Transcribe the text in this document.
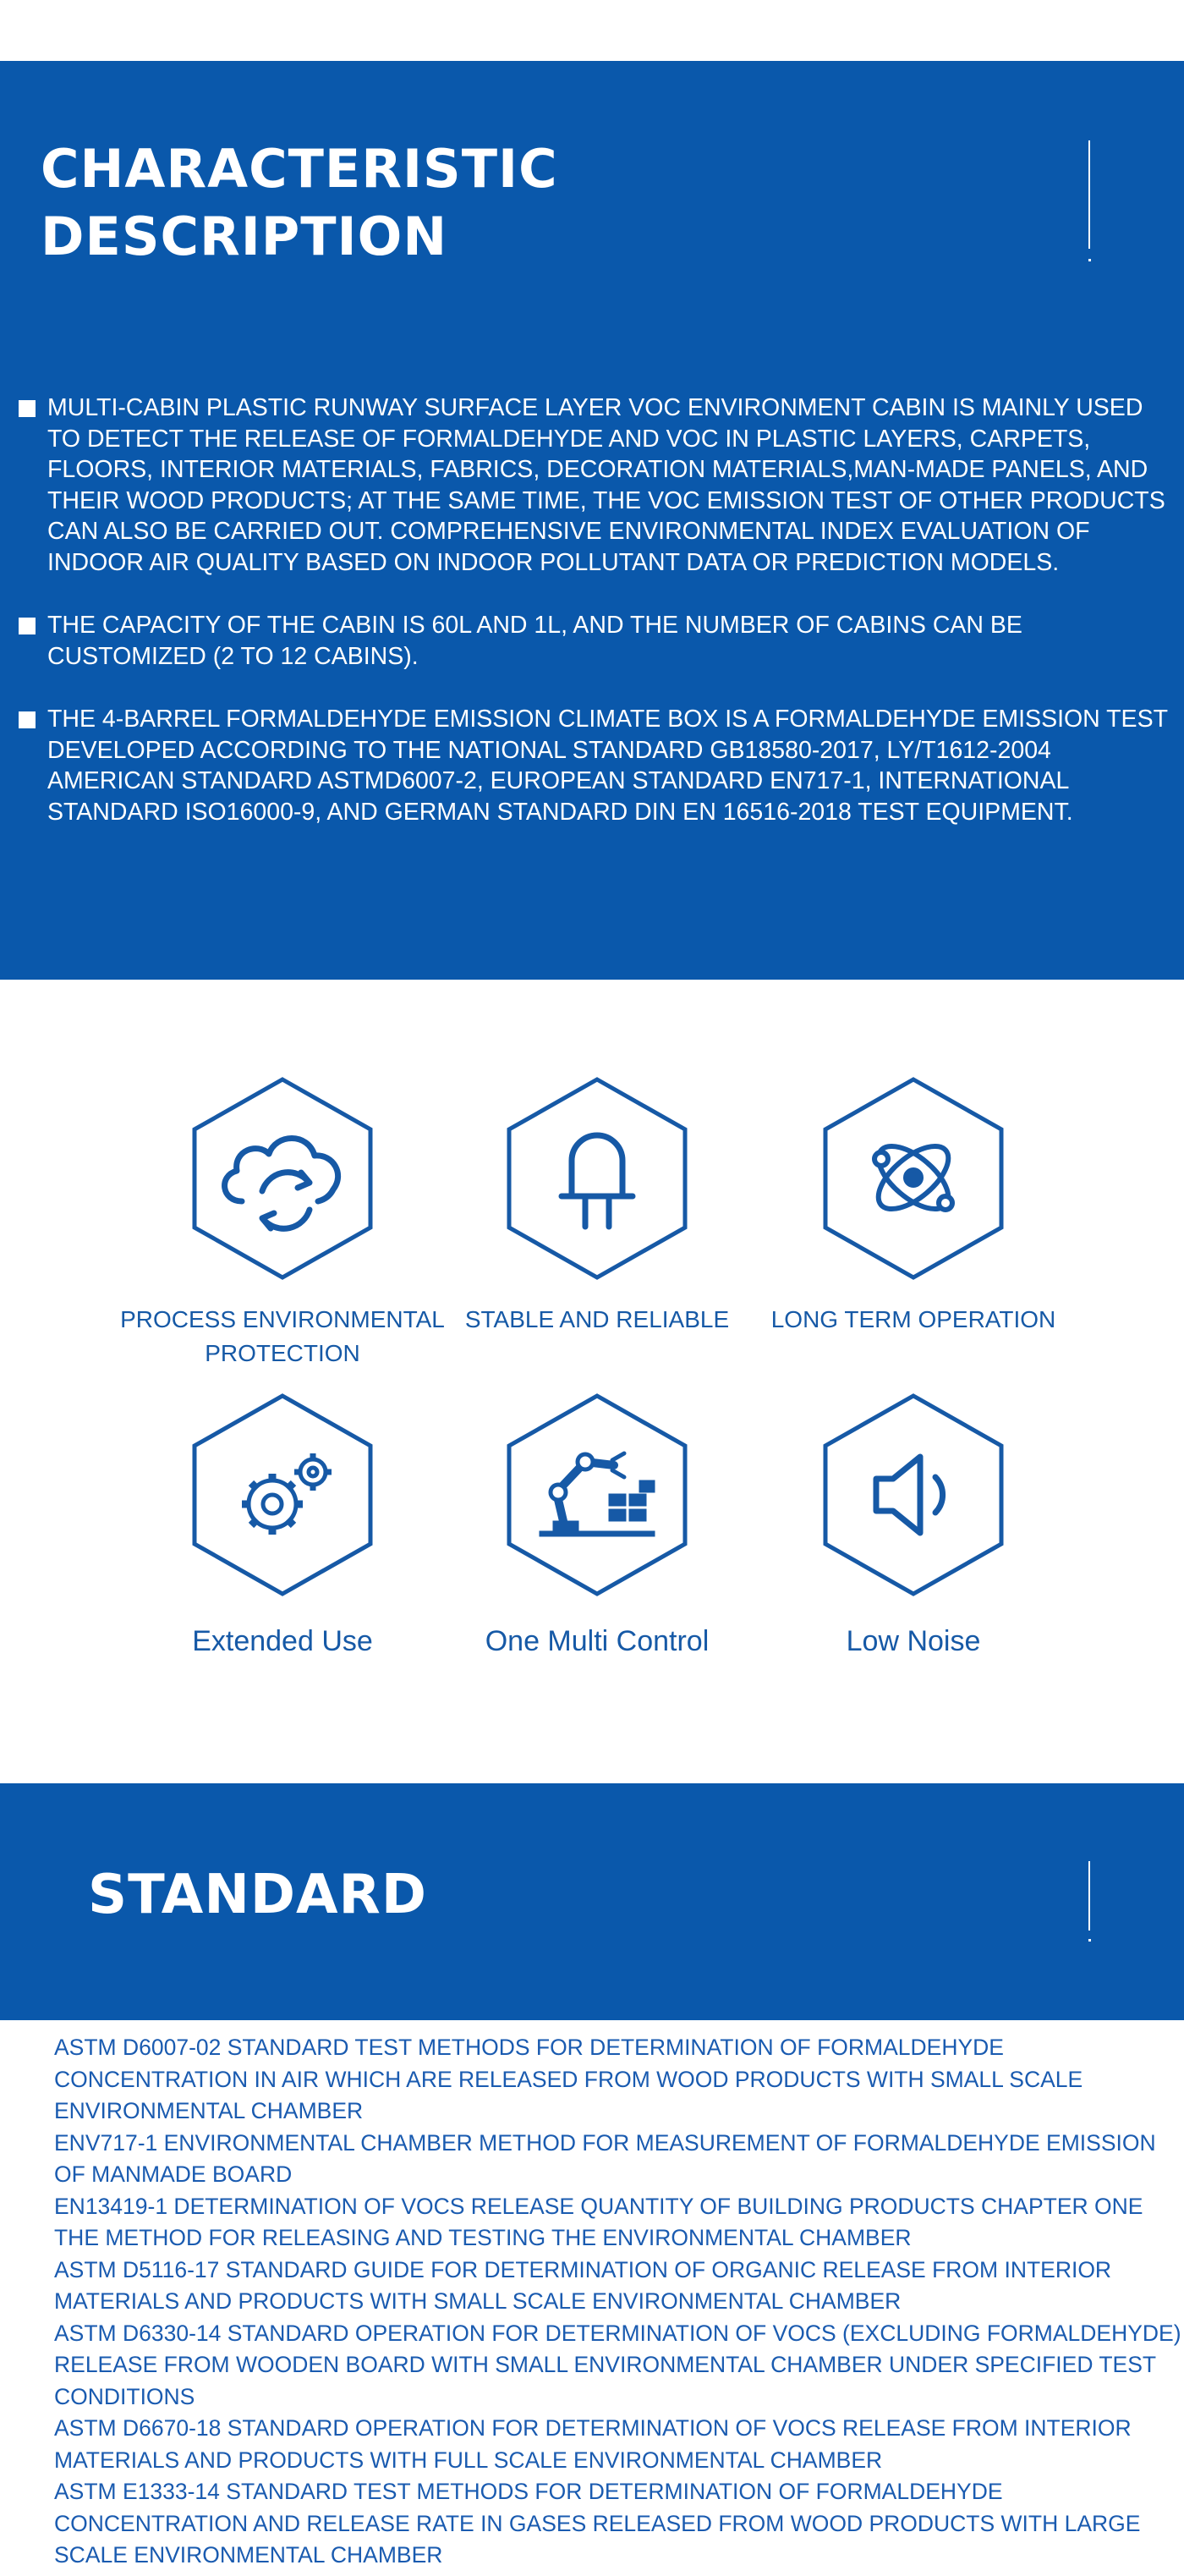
CHARACTERISTIC DESCRIPTION
MULTI-CABIN PLASTIC RUNWAY SURFACE LAYER VOC ENVIRONMENT CABIN IS MAINLY USED TO DETECT THE RELEASE OF FORMALDEHYDE AND VOC IN PLASTIC LAYERS, CARPETS, FLOORS, INTERIOR MATERIALS, FABRICS, DECORATION MATERIALS,MAN-MADE PANELS, AND THEIR WOOD PRODUCTS; AT THE SAME TIME, THE VOC EMISSION TEST OF OTHER PRODUCTS CAN ALSO BE CARRIED OUT. COMPREHENSIVE ENVIRONMENTAL INDEX EVALUATION OF INDOOR AIR QUALITY BASED ON INDOOR POLLUTANT DATA OR PREDICTION MODELS.
THE CAPACITY OF THE CABIN IS 60L AND 1L, AND THE NUMBER OF CABINS CAN BE CUSTOMIZED (2 TO 12 CABINS).
THE 4-BARREL FORMALDEHYDE EMISSION CLIMATE BOX IS A FORMALDEHYDE EMISSION TEST DEVELOPED ACCORDING TO THE NATIONAL STANDARD GB18580-2017, LY/T1612-2004 AMERICAN STANDARD ASTMD6007-2, EUROPEAN STANDARD EN717-1, INTERNATIONAL STANDARD ISO16000-9, AND GERMAN STANDARD DIN EN 16516-2018 TEST EQUIPMENT.
PROCESS ENVIRONMENTAL PROTECTION
STABLE AND RELIABLE	LONG TERM OPERATION
Extended Use	One Multi Control	Low Noise
STANDARD
ASTM D6007-02 STANDARD TEST METHODS FOR DETERMINATION OF FORMALDEHYDE CONCENTRATION IN AIR WHICH ARE RELEASED FROM WOOD PRODUCTS WITH SMALL SCALE ENVIRONMENTAL CHAMBER
ENV717-1 ENVIRONMENTAL CHAMBER METHOD FOR MEASUREMENT OF FORMALDEHYDE EMISSION OF MANMADE BOARD
EN13419-1 DETERMINATION OF VOCS RELEASE QUANTITY OF BUILDING PRODUCTS CHAPTER ONE THE METHOD FOR RELEASING AND TESTING THE ENVIRONMENTAL CHAMBER
ASTM D5116-17 STANDARD GUIDE FOR DETERMINATION OF ORGANIC RELEASE FROM INTERIOR MATERIALS AND PRODUCTS WITH SMALL SCALE ENVIRONMENTAL CHAMBER
ASTM D6330-14 STANDARD OPERATION FOR DETERMINATION OF VOCS (EXCLUDING FORMALDEHYDE) RELEASE FROM WOODEN BOARD WITH SMALL ENVIRONMENTAL CHAMBER UNDER SPECIFIED TEST CONDITIONS
ASTM D6670-18 STANDARD OPERATION FOR DETERMINATION OF VOCS RELEASE FROM INTERIOR MATERIALS AND PRODUCTS WITH FULL SCALE ENVIRONMENTAL CHAMBER
ASTM E1333-14 STANDARD TEST METHODS FOR DETERMINATION OF FORMALDEHYDE CONCENTRATION AND RELEASE RATE IN GASES RELEASED FROM WOOD PRODUCTS WITH LARGE SCALE ENVIRONMENTAL CHAMBER
